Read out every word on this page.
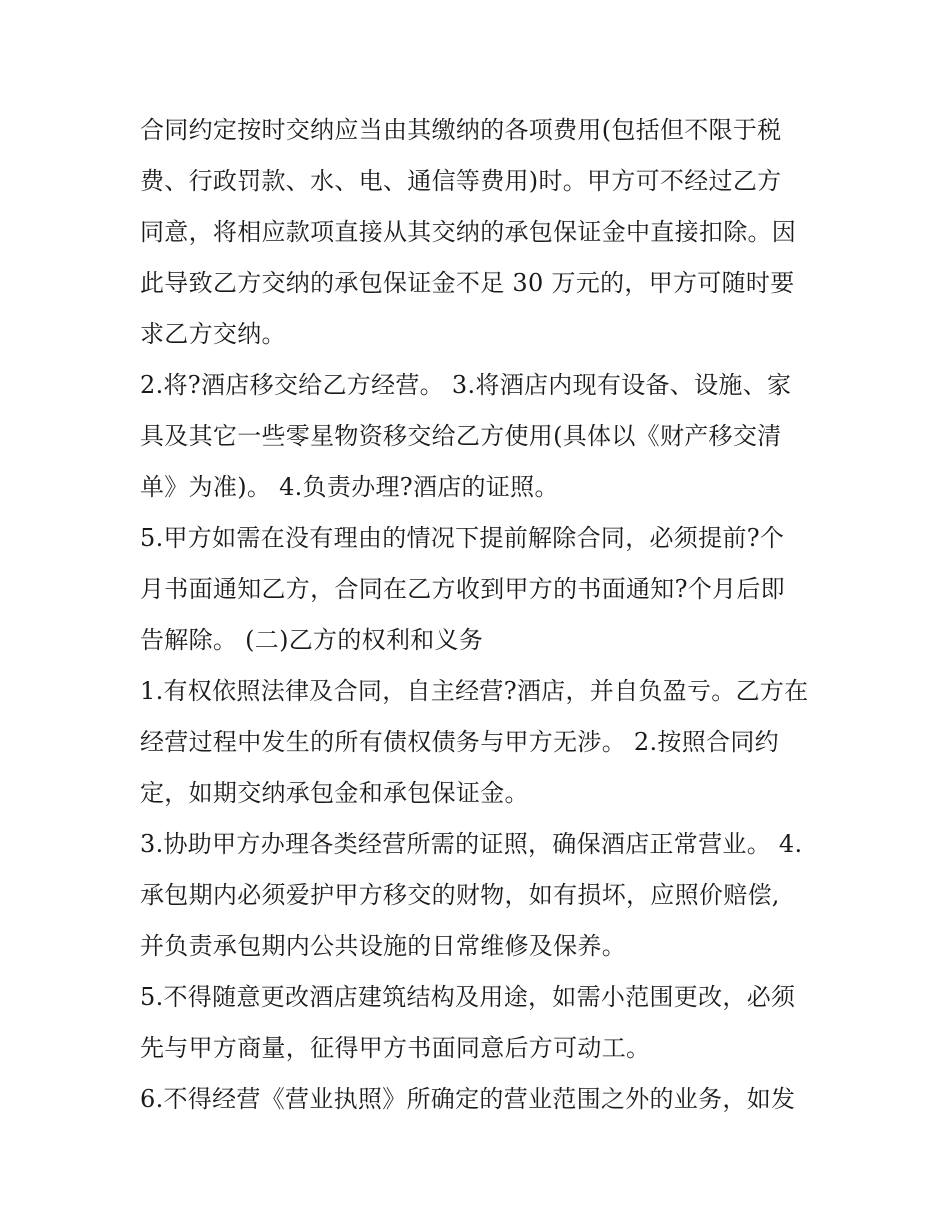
合同约定按时交纳应当由其缴纳的各项费用(包括但不限于税
费、行政罚款、水、电、通信等费用)时。甲方可不经过乙方
同意，将相应款项直接从其交纳的承包保证金中直接扣除。因
此导致乙方交纳的承包保证金不足 30 万元的，甲方可随时要
求乙方交纳。
2.将?酒店移交给乙方经营。 3.将酒店内现有设备、设施、家
具及其它一些零星物资移交给乙方使用(具体以《财产移交清
单》为准)。 4.负责办理?酒店的证照。
5.甲方如需在没有理由的情况下提前解除合同，必须提前?个
月书面通知乙方，合同在乙方收到甲方的书面通知?个月后即
告解除。 (二)乙方的权利和义务
1.有权依照法律及合同，自主经营?酒店，并自负盈亏。乙方在
经营过程中发生的所有债权债务与甲方无涉。 2.按照合同约
定，如期交纳承包金和承包保证金。
3.协助甲方办理各类经营所需的证照，确保酒店正常营业。 4.
承包期内必须爱护甲方移交的财物，如有损坏，应照价赔偿,
并负责承包期内公共设施的日常维修及保养。
5.不得随意更改酒店建筑结构及用途，如需小范围更改，必须
先与甲方商量，征得甲方书面同意后方可动工。
6.不得经营《营业执照》所确定的营业范围之外的业务，如发
